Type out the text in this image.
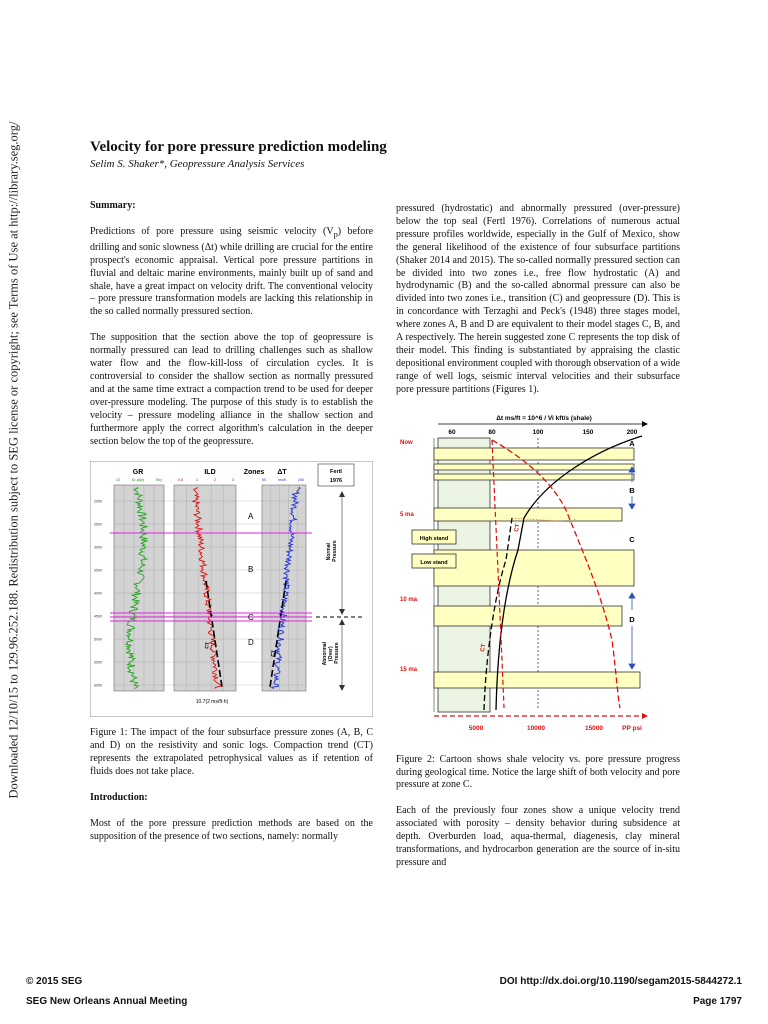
Downloaded 12/10/15 to 129.96.252.188. Redistribution subject to SEG license or copyright; see Terms of Use at http://library.seg.org/	Velocity for pore pressure prediction modeling
Selim S. Shaker*, Geopressure Analysis Services
Summary:

Predictions of pore pressure using seismic velocity $(V_p)$ before drilling and sonic slowness (Δt) while drilling are crucial for the entire prospect's economic appraisal. Vertical pore pressure partitions in fluvial and deltaic marine environments, mainly built up of sand and shale, have a great impact on velocity drift. The conventional velocity – pore pressure transformation models are lacking this relationship in the so called normally pressured section.

The supposition that the section above the top of geopressure is normally pressured can lead to drilling challenges such as shallow water flow and the flow-kill-loss of circulation cycles. It is controversial to consider the shallow section as normally pressured and at the same time extract a compaction trend to be used for deeper over-pressure modeling. The purpose of this study is to establish the velocity – pressure modeling alliance in the shallow section and furthermore apply the correct algorithm's calculation in the deeper section below the top of the geopressure.

GR	ILD	Zones ΔT	Fertl
1976
10	Gr-(Api)	Eby	0.5	1	2	3	50	ms/ft	200
2000
2500
3000
3500
4000
4500
5000
5500
6000
CT
CT
A
B
C
D
Normal Pressure
Abnormal (Over) Pressure
10.7(2 ms/ft·h)

Figure 1: The impact of the four subsurface pressure zones (A, B, C and D) on the resistivity and sonic logs. Compaction trend (CT) represents the extrapolated petrophysical values as if retention of fluids does not take place.

Introduction:

Most of the pore pressure prediction methods are based on the supposition of the presence of two sections, namely: normally

pressured (hydrostatic) and abnormally pressured (over-pressure) below the top seal (Fertl 1976). Correlations of numerous actual pressure profiles worldwide, especially in the Gulf of Mexico, show the general likelihood of the existence of four subsurface partitions (Shaker 2014 and 2015). The so-called normally pressured section can be divided into two zones i.e., free flow hydrostatic (A) and hydrodynamic (B) and the so-called abnormal pressure can also be divided into two zones i.e., transition (C) and geopressure (D). This is in concordance with Terzaghi and Peck's (1948) three stages model, where zones A, B and D are equivalent to their model stages C, B, and A respectively. The herein suggested zone C represents the top disk of their model. This finding is substantiated by appraising the clastic depositional environment coupled with thorough observation of a wide range of well logs, seismic interval velocities and their subsurface pore pressure partitions (Figures 1).

Δt ms/ft = 10^6 / Vi kft/s (shale)
60	80	100	150	200
High stand
Low stand
CT
CT
Now
5 ma
10 ma
15 ma
A
B
C
D
5000	10000	15000	PP psi

Figure 2: Cartoon shows shale velocity vs. pore pressure progress during geological time. Notice the large shift of both velocity and pore pressure at zone C.

Each of the previously four zones show a unique velocity trend associated with porosity – density behavior during subsidence at depth. Overburden load, aqua-thermal, diagenesis, clay mineral transformations, and hydrocarbon generation are the source of in-situ pressure and

© 2015 SEG	DOI http://dx.doi.org/10.1190/segam2015-5844272.1
SEG New Orleans Annual Meeting	Page 1797
